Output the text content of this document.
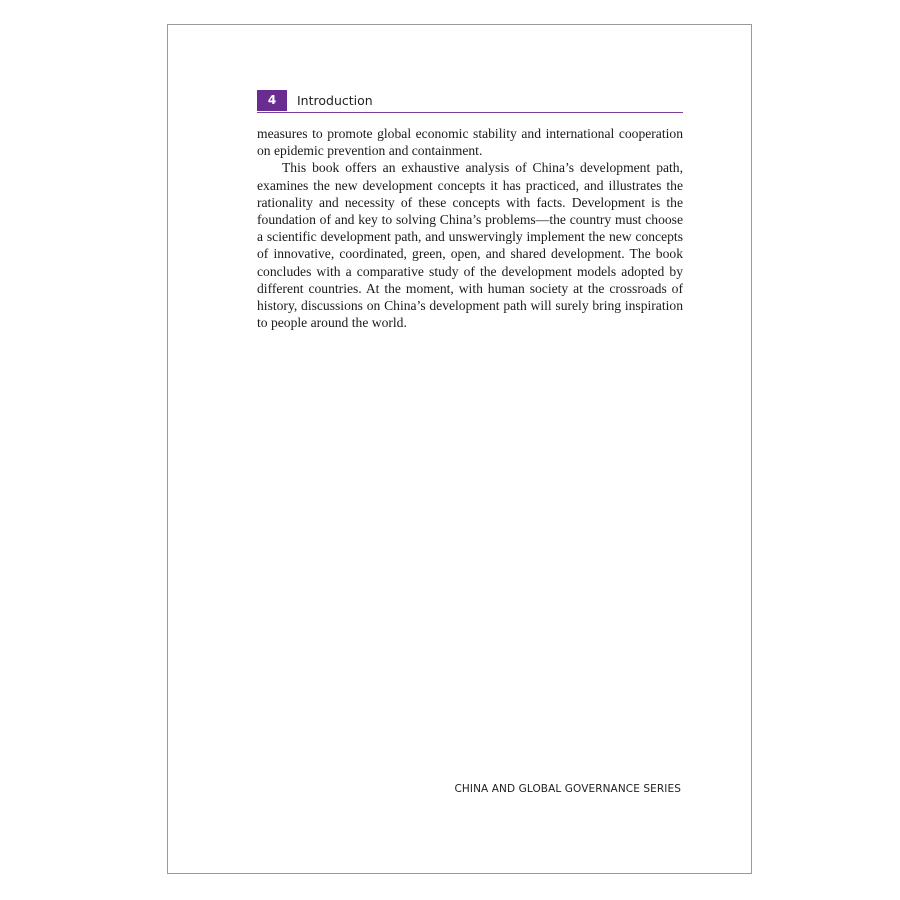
4	Introduction

measures to promote global economic stability and international cooperation on epidemic prevention and containment.

This book offers an exhaustive analysis of China’s development path, examines the new development concepts it has practiced, and illustrates the rationality and necessity of these concepts with facts. Development is the foundation of and key to solving China’s problems—the country must choose a scientific development path, and unswervingly implement the new concepts of innovative, coordinated, green, open, and shared development. The book concludes with a comparative study of the development models adopted by different countries. At the moment, with human society at the crossroads of history, discussions on China’s development path will surely bring inspiration to people around the world.

CHINA AND GLOBAL GOVERNANCE SERIES
